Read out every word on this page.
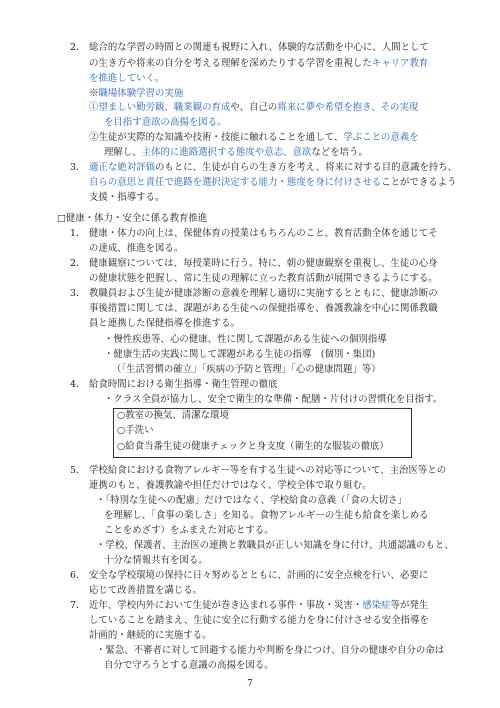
2． 総合的な学習の時間との関連も視野に入れ、体験的な活動を中心に、人間として
の生き方や将来の自分を考える理解を深めたりする学習を重視したキャリア教育
を推進していく。
※職場体験学習の実施
①望ましい勤労観、職業観の育成や、自己の将来に夢や希望を抱き、その実現
を目指す意欲の高揚を図る。
②生徒が実際的な知識や技術・技能に触れることを通して、学ぶことの意義を
理解し、主体的に進路選択する態度や意志、意欲などを培う。
3． 適正な絶対評価のもとに、生徒が自らの生き方を考え、将来に対する目的意識を持ち、
自らの意思と責任で進路を選択決定する能力・態度を身に付けさせることができるよう
支援・指導する。
□健康・体力・安全に係る教育推進
1． 健康・体力の向上は、保健体育の授業はもちろんのこと、教育活動全体を通じてそ
の達成、推進を図る。
2． 健康観察については、毎授業時に行う。特に、朝の健康観察を重視し、生徒の心身
の健康状態を把握し、常に生徒の理解に立った教育活動が展開できるようにする。
3． 教職員および生徒が健康診断の意義を理解し適切に実施するとともに、健康診断の
事後措置に関しては、課題がある生徒への保健指導を、養護教諭を中心に関係教職
員と連携した保健指導を推進する。
・慢性疾患等、心の健康、性に関して課題がある生徒への個別指導
・健康生活の実践に関して課題がある生徒の指導　(個別・集団)
（「生活習慣の確立」「疾病の予防と管理」「心の健康問題」等）
4． 給食時間における衛生指導・衛生管理の徹底
・クラス全員が協力し、安全で衛生的な準備・配膳・片付けの習慣化を目指す。
○教室の換気、清潔な環境
○手洗い
○給食当番生徒の健康チェックと身支度（衛生的な服装の徹底）
5． 学校給食における食物アレルギー等を有する生徒への対応等について、主治医等との
連携のもと、養護教諭や担任だけではなく、学校全体で取り組む。
・「特別な生徒への配慮」だけではなく、学校給食の意義（「食の大切さ」
を理解し、「食事の楽しさ」を知る。食物アレルギーの生徒も給食を楽しめる
ことをめざす）をふまえた対応とする。
・学校、保護者、主治医の連携と教職員が正しい知識を身に付け、共通認識のもと、
十分な情報共有を図る。
6． 安全な学校環境の保持に日々努めるとともに、計画的に安全点検を行い、必要に
応じて改善措置を講じる。
7． 近年、学校内外において生徒が巻き込まれる事件・事故・災害・感染症等が発生
していることを踏まえ、生徒に安全に行動する能力を身に付けさせる安全指導を
計画的・継続的に実施する。
・緊急、不審者に対して回避する能力や判断を身につけ、自分の健康や自分の命は
自分で守ろうとする意識の高揚を図る。
7
